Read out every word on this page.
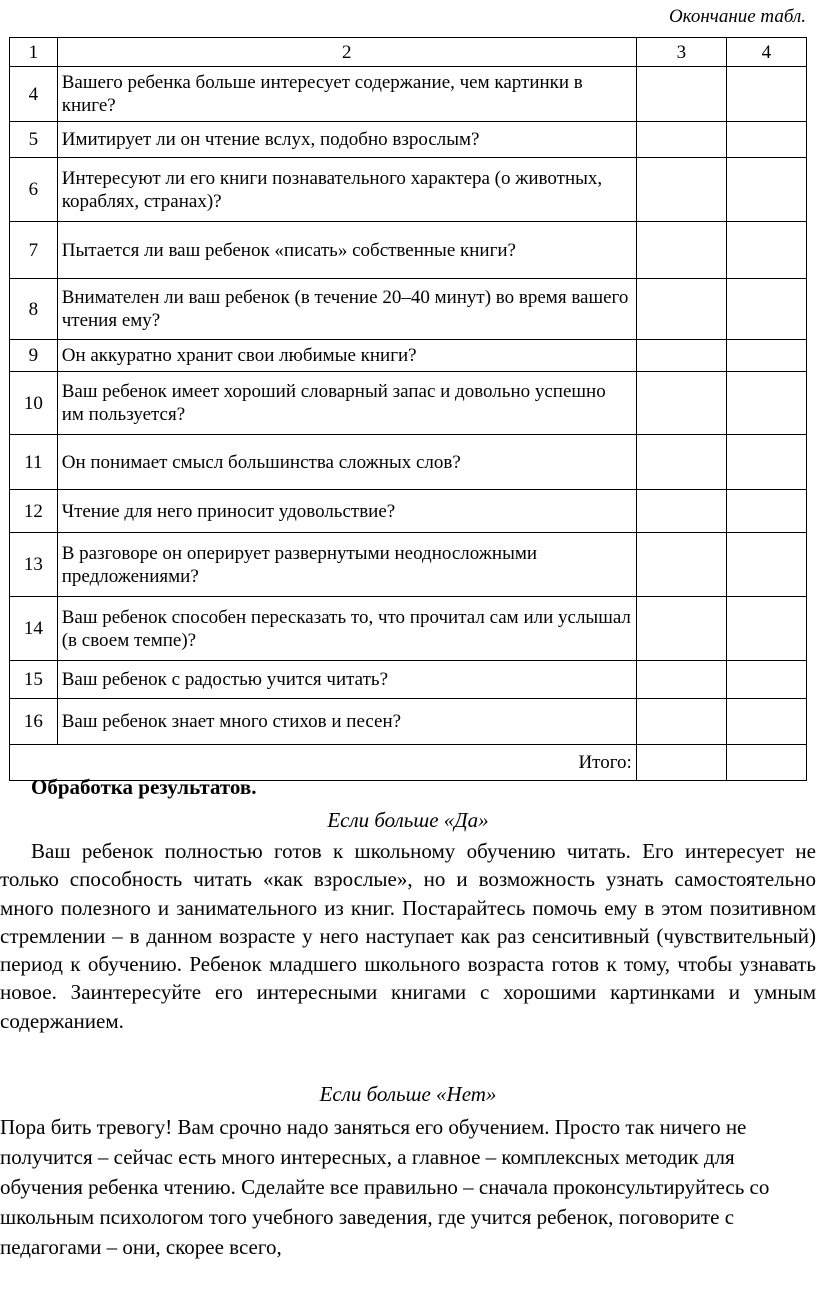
Окончание табл.
1	2	3	4
4	Вашего ребенка больше интересует содержание, чем картинки в книге?		
5	Имитирует ли он чтение вслух, подобно взрослым?		
6	Интересуют ли его книги познавательного характера (о животных, кораблях, странах)?		
7	Пытается ли ваш ребенок «писать» собственные книги?		
8	Внимателен ли ваш ребенок (в течение 20–40 минут) во время вашего чтения ему?		
9	Он аккуратно хранит свои любимые книги?		
10	Ваш ребенок имеет хороший словарный запас и довольно успешно им пользуется?		
11	Он понимает смысл большинства сложных слов?		
12	Чтение для него приносит удовольствие?		
13	В разговоре он оперирует развернутыми неодносложными предложениями?		
14	Ваш ребенок способен пересказать то, что прочитал сам или услышал (в своем темпе)?		
15	Ваш ребенок с радостью учится читать?		
16	Ваш ребенок знает много стихов и песен?		
Итого:			
Обработка результатов.
Если больше «Да»

Ваш ребенок полностью готов к школьному обучению читать. Его интересует не только способность читать «как взрослые», но и возможность узнать самостоятельно много полезного и занимательного из книг. Постарайтесь помочь ему в этом позитивном стремлении – в данном возрасте у него наступает как раз сенситивный (чувствительный) период к обучению. Ребенок младшего школьного возраста готов к тому, чтобы узнавать новое. Заинтересуйте его интересными книгами с хорошими картинками и умным содержанием.

Если больше «Нет»

Пора бить тревогу! Вам срочно надо заняться его обучением. Просто так ничего не получится – сейчас есть много интересных, а главное – комплексных методик для обучения ребенка чтению. Сделайте все правильно – сначала проконсультируйтесь со школьным психологом того учебного заведения, где учится ребенок, поговорите с педагогами – они, скорее всего,
